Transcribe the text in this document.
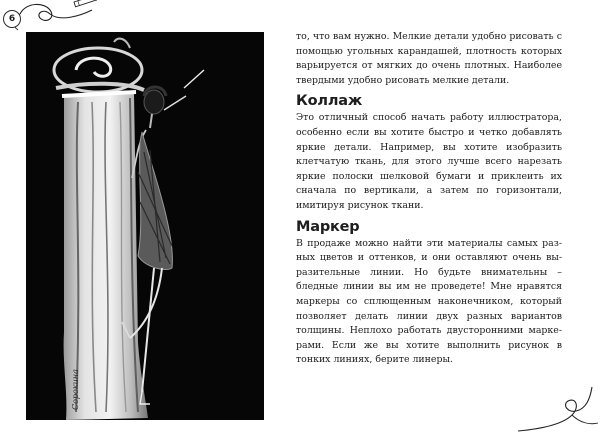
6
Сорокина

то, что вам нужно. Мелкие детали удобно рисовать с помощью угольных карандашей, плотность которых варьируется от мягких до очень плотных. Наиболее твердыми удобно рисовать мелкие детали.

Коллаж

Это отличный способ начать работу иллюстратора, особенно если вы хотите быстро и четко добавлять яркие детали. Например, вы хотите изобразить клетчатую ткань, для этого лучше всего нарезать яркие полоски шелковой бумаги и приклеить их сначала по вертикали, а затем по горизонтали, имитируя рисунок ткани.

Маркер

В продаже можно найти эти материалы самых разных цветов и оттенков, и они оставляют очень выразительные линии. Но будьте внимательны – бледные линии вы им не проведете! Мне нравятся маркеры со сплющенным наконечником, который позволяет делать линии двух разных вариантов толщины. Неплохо работать двусторонними маркерами. Если же вы хотите выполнить рисунок в тонких линиях, берите линеры.
